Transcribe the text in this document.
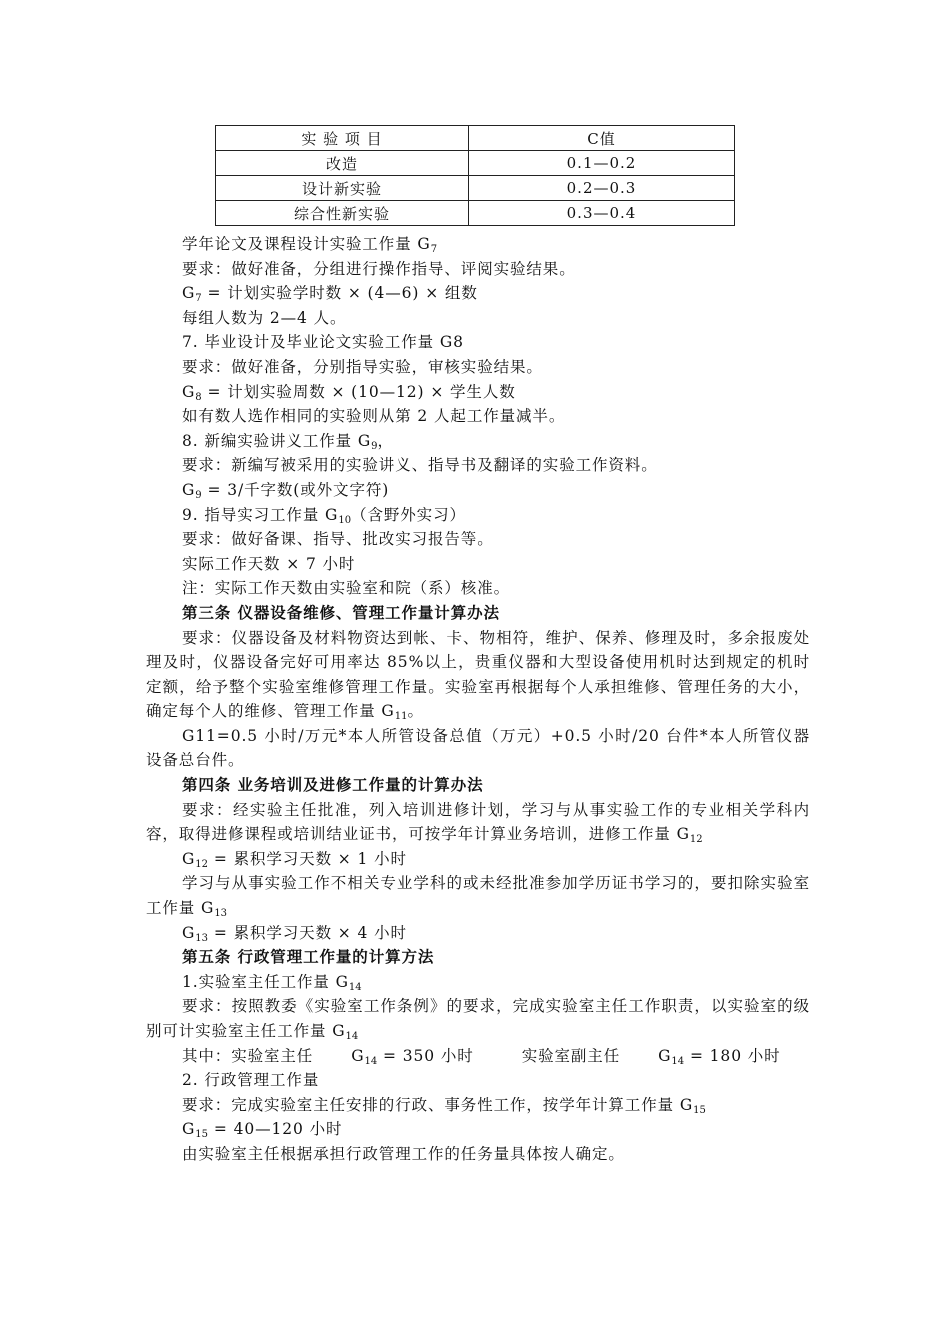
实 验 项 目	C值
改造	0.1—0.2
设计新实验	0.2—0.3
综合性新实验	0.3—0.4
学年论文及课程设计实验工作量 $G_7$
要求：做好准备，分组进行操作指导、评阅实验结果。
$G_7$ = 计划实验学时数 × (4—6) × 组数
每组人数为 2—4 人。
7. 毕业设计及毕业论文实验工作量 G8
要求：做好准备，分别指导实验，审核实验结果。
$G_8$ = 计划实验周数 × (10—12) × 学生人数
如有数人选作相同的实验则从第 2 人起工作量减半。
8. 新编实验讲义工作量 $G_9$，
要求：新编写被采用的实验讲义、指导书及翻译的实验工作资料。
$G_9 = 3/$千字数(或外文字符)
9. 指导实习工作量 $G_{10}$（含野外实习）
要求：做好备课、指导、批改实习报告等。
实际工作天数 × 7 小时
注：实际工作天数由实验室和院（系）核准。
第三条 仪器设备维修、管理工作量计算办法
要求：仪器设备及材料物资达到帐、卡、物相符，维护、保养、修理及时，多余报废处理及时，仪器设备完好可用率达 85%以上，贵重仪器和大型设备使用机时达到规定的机时定额，给予整个实验室维修管理工作量。实验室再根据每个人承担维修、管理任务的大小，确定每个人的维修、管理工作量 $G_{11}$。
G11=0.5 小时/万元*本人所管设备总值（万元）+0.5 小时/20 台件*本人所管仪器设备总台件。
第四条 业务培训及进修工作量的计算办法
要求：经实验主任批准，列入培训进修计划，学习与从事实验工作的专业相关学科内容，取得进修课程或培训结业证书，可按学年计算业务培训，进修工作量 $G_{12}$
$G_{12}$ = 累积学习天数 × 1 小时
学习与从事实验工作不相关专业学科的或未经批准参加学历证书学习的，要扣除实验室工作量 $G_{13}$
$G_{13}$ = 累积学习天数 × 4 小时
第五条 行政管理工作量的计算方法
1.实验室主任工作量 $G_{14}$
要求：按照教委《实验室工作条例》的要求，完成实验室主任工作职责，以实验室的级别可计实验室主任工作量 $G_{14}$
其中：实验室主任 $G_{14} = 350$ 小时	实验室副主任 $G_{14} = 180$ 小时
2. 行政管理工作量
要求：完成实验室主任安排的行政、事务性工作，按学年计算工作量 $G_{15}$
$G_{15}$ = 40—120 小时
由实验室主任根据承担行政管理工作的任务量具体按人确定。
